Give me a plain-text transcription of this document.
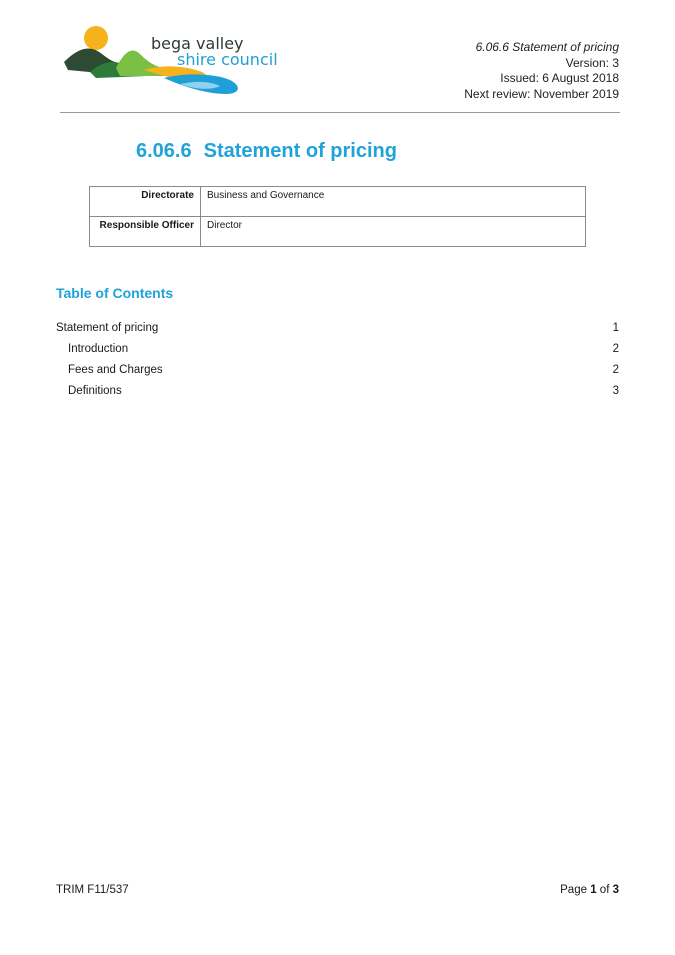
bega valley
shire council
6.06.6 Statement of pricing
Version: 3
Issued: 6 August 2018
Next review: November 2019
6.06.6 Statement of pricing
Directorate	Business and Governance
Responsible Officer	Director
Table of Contents
Statement of pricing	1
Introduction	2
Fees and Charges	2
Definitions	3
TRIM F11/537	Page 1 of 3
